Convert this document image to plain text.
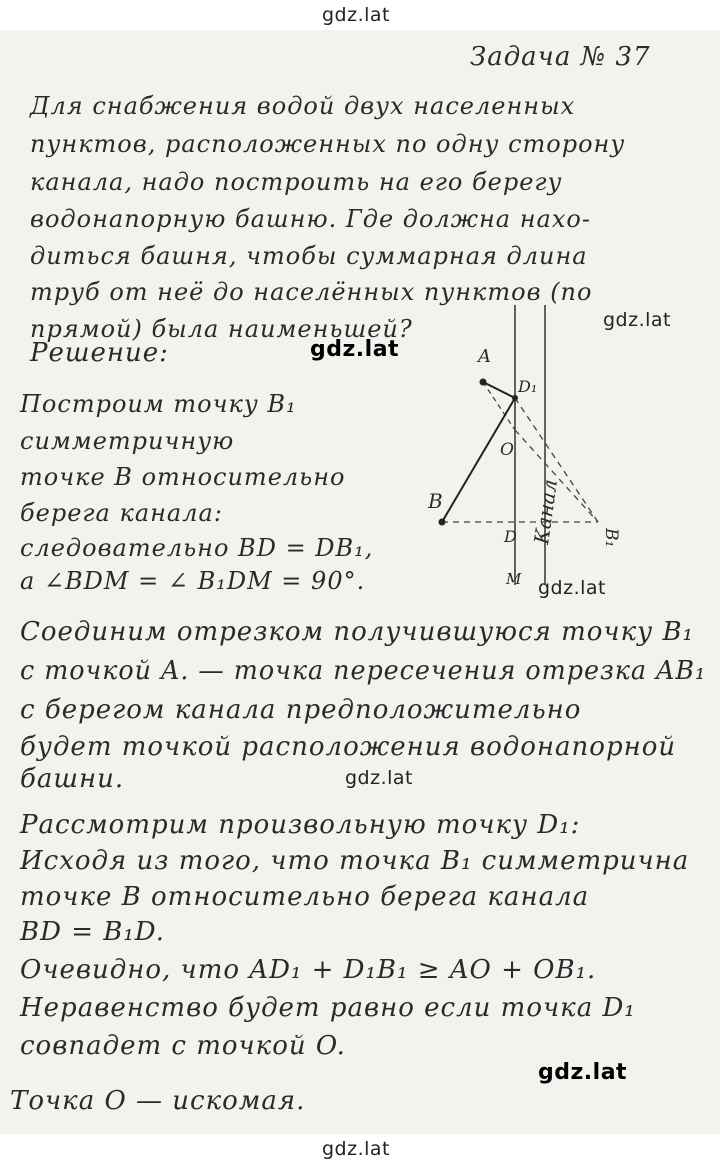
gdz.lat
gdz.lat
gdz.lat
gdz.lat
gdz.lat
gdz.lat
gdz.lat
Задача № 37
Для снабжения водой двух населенных
пунктов, расположенных по одну сторону
канала, надо построить на его берегу
водонапорную башню. Где должна нахо-
диться башня, чтобы суммарная длина
труб от неё до населённых пунктов (по
прямой) была наименьшей?
Решение:
Построим точку B₁
симметричную
точке B относительно
берега канала:
следовательно BD = DB₁,
a ∠BDM = ∠ B₁DM = 90°.
Канал
A
B
D₁
O
D
M
B₁
Соединим отрезком получившуюся точку B₁
с точкой A. — точка пересечения отрезка AB₁
с берегом канала предположительно
будет точкой расположения водонапорной
башни.
Рассмотрим произвольную точку D₁:
Исходя из того, что точка B₁ симметрична
точке B относительно берега канала
BD = B₁D.
Очевидно, что AD₁ + D₁B₁ ≥ AO + OB₁.
Неравенство будет равно если точка D₁
совпадет с точкой O.
Точка O — искомая.
